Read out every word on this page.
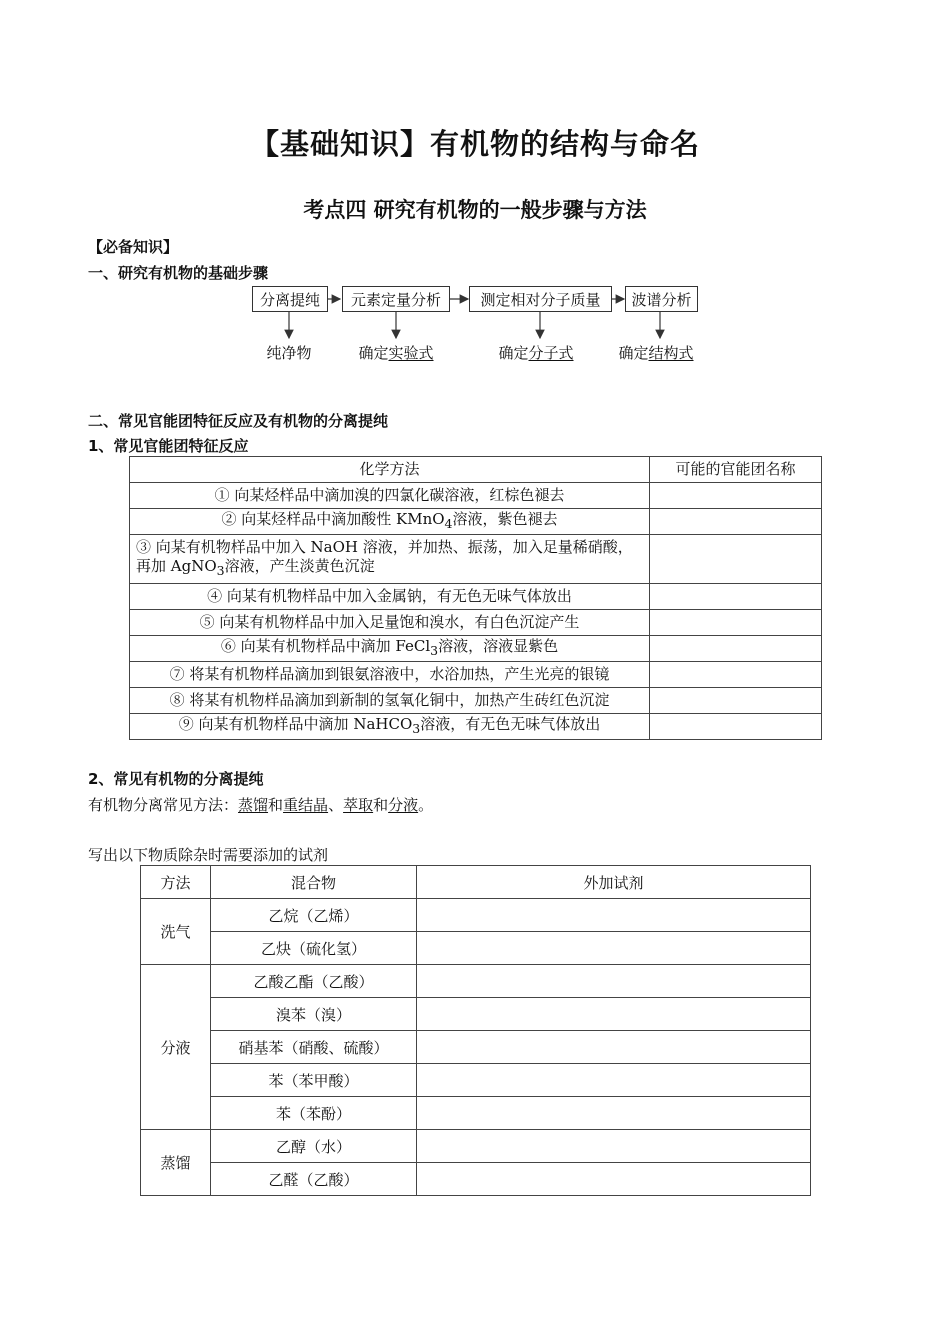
【基础知识】有机物的结构与命名
考点四 研究有机物的一般步骤与方法
【必备知识】
一、研究有机物的基础步骤
分离提纯	元素定量分析	测定相对分子质量	波谱分析
纯净物	确定实验式	确定分子式	确定结构式
二、常见官能团特征反应及有机物的分离提纯
1、常见官能团特征反应
化学方法	可能的官能团名称
① 向某烃样品中滴加溴的四氯化碳溶液，红棕色褪去	
② 向某烃样品中滴加酸性 KMnO$_4$溶液，紫色褪去	
③ 向某有机物样品中加入 NaOH 溶液，并加热、振荡，加入足量稀硝酸，再加 AgNO$_3$溶液，产生淡黄色沉淀	
④ 向某有机物样品中加入金属钠，有无色无味气体放出	
⑤ 向某有机物样品中加入足量饱和溴水，有白色沉淀产生	
⑥ 向某有机物样品中滴加 FeCl$_3$溶液，溶液显紫色	
⑦ 将某有机物样品滴加到银氨溶液中，水浴加热，产生光亮的银镜	
⑧ 将某有机物样品滴加到新制的氢氧化铜中，加热产生砖红色沉淀	
⑨ 向某有机物样品中滴加 NaHCO$_3$溶液，有无色无味气体放出	
2、常见有机物的分离提纯
有机物分离常见方法：蒸馏和重结晶、萃取和分液。
写出以下物质除杂时需要添加的试剂
方法	混合物	外加试剂
洗气	乙烷（乙烯）	
	乙炔（硫化氢）	
分液	乙酸乙酯（乙酸）	
	溴苯（溴）	
	硝基苯（硝酸、硫酸）	
	苯（苯甲酸）	
	苯（苯酚）	
蒸馏	乙醇（水）	
	乙醛（乙酸）	
